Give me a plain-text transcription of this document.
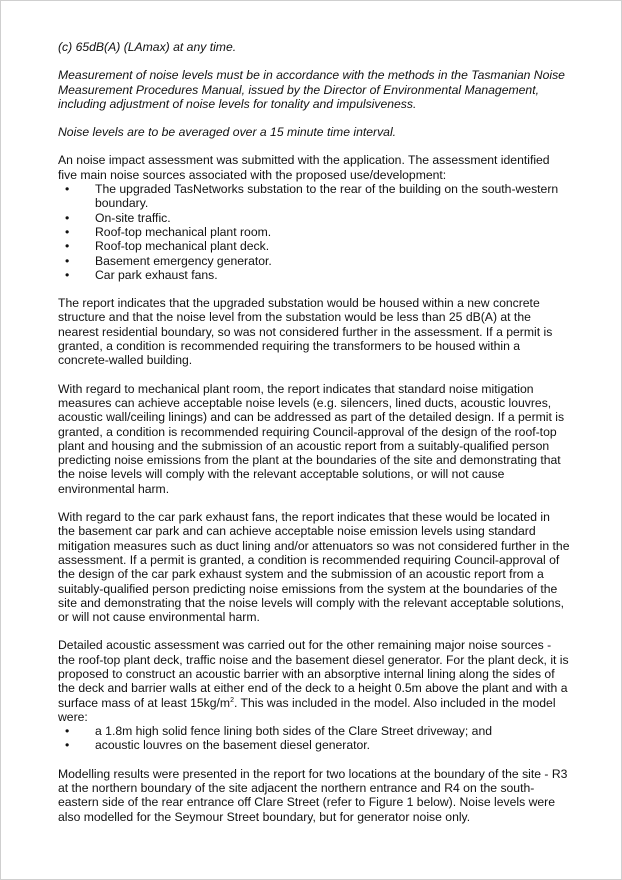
(c) 65dB(A) (LAmax) at any time.

Measurement of noise levels must be in accordance with the methods in the Tasmanian Noise Measurement Procedures Manual, issued by the Director of Environmental Management, including adjustment of noise levels for tonality and impulsiveness.

Noise levels are to be averaged over a 15 minute time interval.

An noise impact assessment was submitted with the application. The assessment identified five main noise sources associated with the proposed use/development:

• The upgraded TasNetworks substation to the rear of the building on the south-western boundary.
• On-site traffic.
• Roof-top mechanical plant room.
• Roof-top mechanical plant deck.
• Basement emergency generator.
• Car park exhaust fans.

The report indicates that the upgraded substation would be housed within a new concrete structure and that the noise level from the substation would be less than 25 dB(A) at the nearest residential boundary, so was not considered further in the assessment. If a permit is granted, a condition is recommended requiring the transformers to be housed within a concrete-walled building.

With regard to mechanical plant room, the report indicates that standard noise mitigation measures can achieve acceptable noise levels (e.g. silencers, lined ducts, acoustic louvres, acoustic wall/ceiling linings) and can be addressed as part of the detailed design. If a permit is granted, a condition is recommended requiring Council-approval of the design of the roof-top plant and housing and the submission of an acoustic report from a suitably-qualified person predicting noise emissions from the plant at the boundaries of the site and demonstrating that the noise levels will comply with the relevant acceptable solutions, or will not cause environmental harm.

With regard to the car park exhaust fans, the report indicates that these would be located in the basement car park and can achieve acceptable noise emission levels using standard mitigation measures such as duct lining and/or attenuators so was not considered further in the assessment. If a permit is granted, a condition is recommended requiring Council-approval of the design of the car park exhaust system and the submission of an acoustic report from a suitably-qualified person predicting noise emissions from the system at the boundaries of the site and demonstrating that the noise levels will comply with the relevant acceptable solutions, or will not cause environmental harm.

Detailed acoustic assessment was carried out for the other remaining major noise sources - the roof-top plant deck, traffic noise and the basement diesel generator. For the plant deck, it is proposed to construct an acoustic barrier with an absorptive internal lining along the sides of the deck and barrier walls at either end of the deck to a height 0.5m above the plant and with a surface mass of at least $15kg/m^2$. This was included in the model. Also included in the model were:

• a 1.8m high solid fence lining both sides of the Clare Street driveway; and
• acoustic louvres on the basement diesel generator.

Modelling results were presented in the report for two locations at the boundary of the site - R3 at the northern boundary of the site adjacent the northern entrance and R4 on the south-eastern side of the rear entrance off Clare Street (refer to Figure 1 below). Noise levels were also modelled for the Seymour Street boundary, but for generator noise only.
